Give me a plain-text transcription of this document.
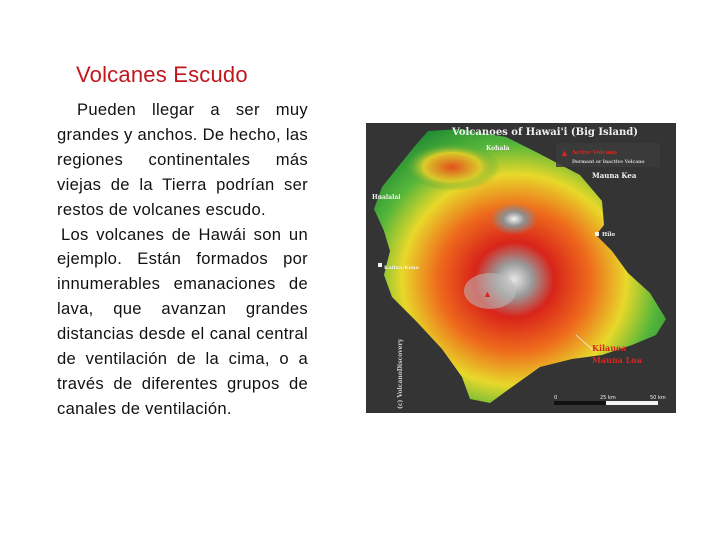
Volcanes Escudo

Pueden llegar a ser muy grandes y anchos. De hecho, las regiones continentales más viejas de la Tierra podrían ser restos de volcanes escudo.

Los volcanes de Hawái son un ejemplo. Están formados por innumerables emanaciones de lava, que avanzan grandes distancias desde el canal central de ventilación de la cima, o a través de diferentes grupos de canales de ventilación.

Volcanoes of Hawai'i (Big Island)
▲ Active Volcano
Dormant or Inactive Volcano
Kohala
Mauna Kea
Hualalai
Hilo
Kailua-Kona
▲
Kilauea
Mauna Loa
(c) VolcanoDiscovery	0	25 km	50 km
